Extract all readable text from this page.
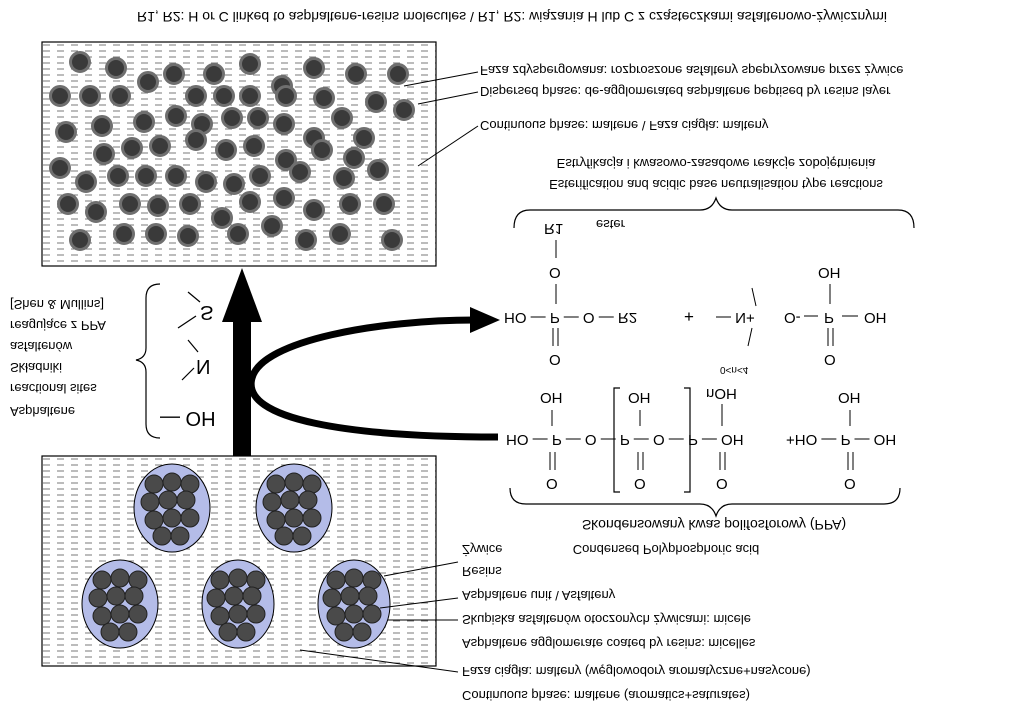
R1, R2: H or C linked to asphaltene-resins molecules \ R1, R2: wiązania H lub C z cząsteczkami asfaltenowo-żywicznymi
Faza zdyspergowana: rozproszone asfalteny spepryzowane przez żywice
Dispersed phase: de-agglomerated asphaltene peptised by resins layer
Continuous phase: maltene \ Faza ciągła: malteny
Estryfikacja i kwasowo-zasadowe reakcje zobojętnienia
Esterification and acidic base neutralisation type reactions
S
N
— OH
Asphaltene
reactional sites
Składniki
asfaltenów
reagujące z PPA
[Shen & Mullins]
R1	ester
O
HO — P — O — R2
O
+ — N+
OH
O- P OH
O
OH	OH	nOH
0<n<4
OH
HO — P — O — P — O — P — OH	+HO — P — OH
O	O	O	O
Skondensowany kwas polifosforowy (PPA)
Condensed Polyphosphoric acid
Żywice
Resins
Asphaltene unit \ Asfalteny
Skupiska asfaltenów otoczonych żywicami: micele
Asphaltene agglomerate coated by resins: micelles
Faza ciągła: malteny (węglowodory aromatyczne+nasycone)
Continuous phase: maltene (aromatics+saturates)
